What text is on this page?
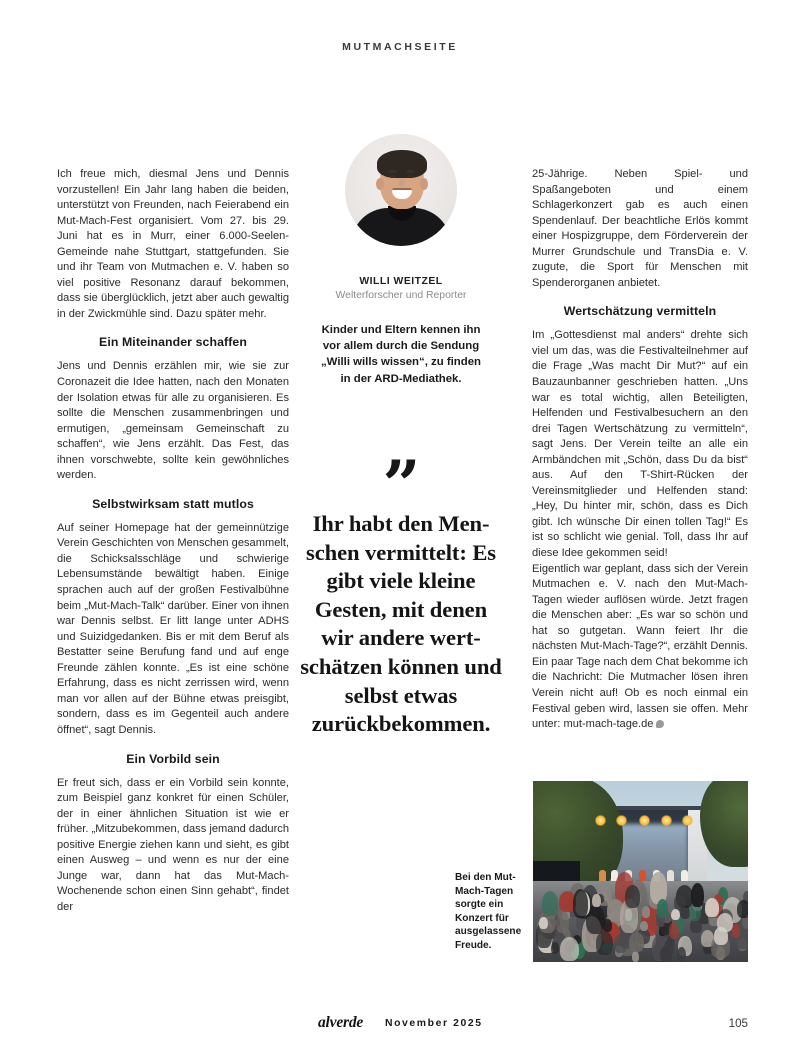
MUTMACHSEITE

Ich freue mich, diesmal Jens und Dennis vorzustellen! Ein Jahr lang haben die beiden, unterstützt von Freunden, nach Feierabend ein Mut-Mach-Fest organisiert. Vom 27. bis 29. Juni hat es in Murr, einer 6.000-Seelen-Gemeinde nahe Stuttgart, stattgefunden. Sie und ihr Team von Mutmachen e. V. haben so viel positive Resonanz darauf bekommen, dass sie überglücklich, jetzt aber auch gewaltig in der Zwickmühle sind. Dazu später mehr.

Ein Miteinander schaffen

Jens und Dennis erzählen mir, wie sie zur Coronazeit die Idee hatten, nach den Monaten der Isolation etwas für alle zu organisieren. Es sollte die Menschen zusammenbringen und ermutigen, „gemeinsam Gemeinschaft zu schaffen“, wie Jens erzählt. Das Fest, das ihnen vorschwebte, sollte kein gewöhnliches werden.

Selbstwirksam statt mutlos

Auf seiner Homepage hat der gemeinnützige Verein Geschichten von Menschen gesammelt, die Schicksalsschläge und schwierige Lebensumstände bewältigt haben. Einige sprachen auch auf der großen Festivalbühne beim „Mut-Mach-Talk“ darüber. Einer von ihnen war Dennis selbst. Er litt lange unter ADHS und Suizidgedanken. Bis er mit dem Beruf als Bestatter seine Berufung fand und auf enge Freunde zählen konnte. „Es ist eine schöne Erfahrung, dass es nicht zerrissen wird, wenn man vor allen auf der Bühne etwas preisgibt, sondern, dass es im Gegenteil auch andere öffnet“, sagt Dennis.

Ein Vorbild sein

Er freut sich, dass er ein Vorbild sein konnte, zum Beispiel ganz konkret für einen Schüler, der in einer ähnlichen Situation ist wie er früher. „Mitzubekommen, dass jemand dadurch positive Energie ziehen kann und sieht, es gibt einen Ausweg – und wenn es nur der eine Junge war, dann hat das Mut-Mach-Wochenende schon einen Sinn gehabt“, findet der

WILLI WEITZEL
Welterforscher und Reporter
Kinder und Eltern kennen ihn vor allem durch die Sendung „Willi wills wissen“, zu finden in der ARD-Mediathek.
”
Ihr habt den Men‐schen vermittelt: Es gibt viele kleine Gesten, mit denen wir andere wert‐schätzen können und selbst etwas zurückbekommen.

25-Jährige. Neben Spiel- und Spaßangeboten und einem Schlagerkonzert gab es auch einen Spendenlauf. Der beachtliche Erlös kommt einer Hospizgruppe, dem Förderverein der Murrer Grundschule und TransDia e. V. zugute, die Sport für Menschen mit Spenderorganen anbietet.

Wertschätzung vermitteln

Im „Gottesdienst mal anders“ drehte sich viel um das, was die Festivalteilnehmer auf die Frage „Was macht Dir Mut?“ auf ein Bauzaunbanner geschrieben hatten. „Uns war es total wichtig, allen Beteiligten, Helfenden und Festivalbesuchern an den drei Tagen Wertschätzung zu vermitteln“, sagt Jens. Der Verein teilte an alle ein Armbändchen mit „Schön, dass Du da bist“ aus. Auf den T-Shirt-Rücken der Vereinsmitglieder und Helfenden stand: „Hey, Du hinter mir, schön, dass es Dich gibt. Ich wünsche Dir einen tollen Tag!“ Es ist so schlicht wie genial. Toll, dass Ihr auf diese Idee gekommen seid!

Eigentlich war geplant, dass sich der Verein Mutmachen e. V. nach den Mut-Mach-Tagen wieder auflösen würde. Jetzt fragen die Menschen aber: „Es war so schön und hat so gutgetan. Wann feiert Ihr die nächsten Mut-Mach-Tage?“, erzählt Dennis. Ein paar Tage nach dem Chat bekomme ich die Nachricht: Die Mutmacher lösen ihren Verein nicht auf! Ob es noch einmal ein Festival geben wird, lassen sie offen. Mehr unter: mut-mach-tage.de

Bei den Mut-Mach-Tagen sorgte ein Konzert für ausgelassene Freude.
alverde November 2025	105
